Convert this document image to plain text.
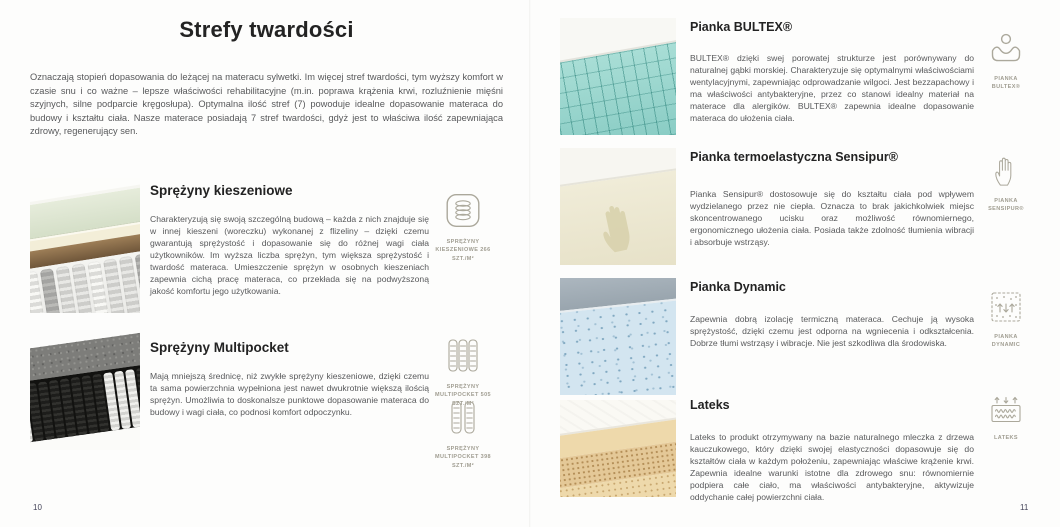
Strefy twardości

Oznaczają stopień dopasowania do leżącej na materacu sylwetki. Im więcej stref twardości, tym wyższy komfort w czasie snu i co ważne – lepsze właściwości rehabilitacyjne (m.in. poprawa krążenia krwi, rozluźnienie mięśni szyjnych, silne podparcie kręgosłupa). Optymalna ilość stref (7) powoduje idealne dopasowanie materaca do budowy i kształtu ciała. Nasze materace posiadają 7 stref twardości, gdyż jest to właściwa ilość zapewniająca zdrowy, regenerujący sen.

Sprężyny kieszeniowe

Charakteryzują się swoją szczególną budową – każda z nich znajduje się w innej kieszeni (woreczku) wykonanej z flizeliny – dzięki czemu gwarantują sprężystość i dopasowanie się do różnej wagi ciała użytkowników. Im wyższa liczba sprężyn, tym większa sprężystość i twardość materaca. Umieszczenie sprężyn w osobnych kieszeniach zapewnia cichą pracę materaca, co przekłada się na podwyższoną jakość komfortu jego użytkowania.

SPRĘŻYNY KIESZENIOWE 266 SZT./M²
Sprężyny Multipocket

Mają mniejszą średnicę, niż zwykłe sprężyny kieszeniowe, dzięki czemu ta sama powierzchnia wypełniona jest nawet dwukrotnie większą ilością sprężyn. Umożliwia to doskonalsze punktowe dopasowanie materaca do budowy i wagi ciała, co podnosi komfort odpoczynku.

SPRĘŻYNY MULTIPOCKET 505 SZT./M²
SPRĘŻYNY MULTIPOCKET 398 SZT./M²
10
Pianka BULTEX®

BULTEX® dzięki swej porowatej strukturze jest porównywany do naturalnej gąbki morskiej. Charakteryzuje się optymalnymi właściwościami wentylacyjnymi, zapewniając odprowadzanie wilgoci. Jest bezzapachowy i ma właściwości antybakteryjne, przez co stanowi idealny materiał na materace dla alergików. BULTEX® zapewnia idealne dopasowanie materaca do ułożenia ciała.

PIANKA BULTEX®
Pianka termoelastyczna Sensipur®

Pianka Sensipur® dostosowuje się do kształtu ciała pod wpływem wydzielanego przez nie ciepła. Oznacza to brak jakichkolwiek miejsc skoncentrowanego ucisku oraz możliwość równomiernego, ergonomicznego ułożenia ciała. Posiada także zdolność tłumienia wibracji i absorbuje wstrząsy.

PIANKA SENSIPUR®
Pianka Dynamic

Zapewnia dobrą izolację termiczną materaca. Cechuje ją wysoka sprężystość, dzięki czemu jest odporna na wgniecenia i odkształcenia. Dobrze tłumi wstrząsy i wibracje. Nie jest szkodliwa dla środowiska.

PIANKA DYNAMIC
Lateks

Lateks to produkt otrzymywany na bazie naturalnego mleczka z drzewa kauczukowego, który dzięki swojej elastyczności dopasowuje się do kształtów ciała w każdym położeniu, zapewniając właściwe krążenie krwi. Zapewnia idealne warunki istotne dla zdrowego snu: równomiernie podpiera całe ciało, ma właściwości antybakteryjne, aktywizuje oddychanie całej powierzchni ciała.

LATEKS
11
